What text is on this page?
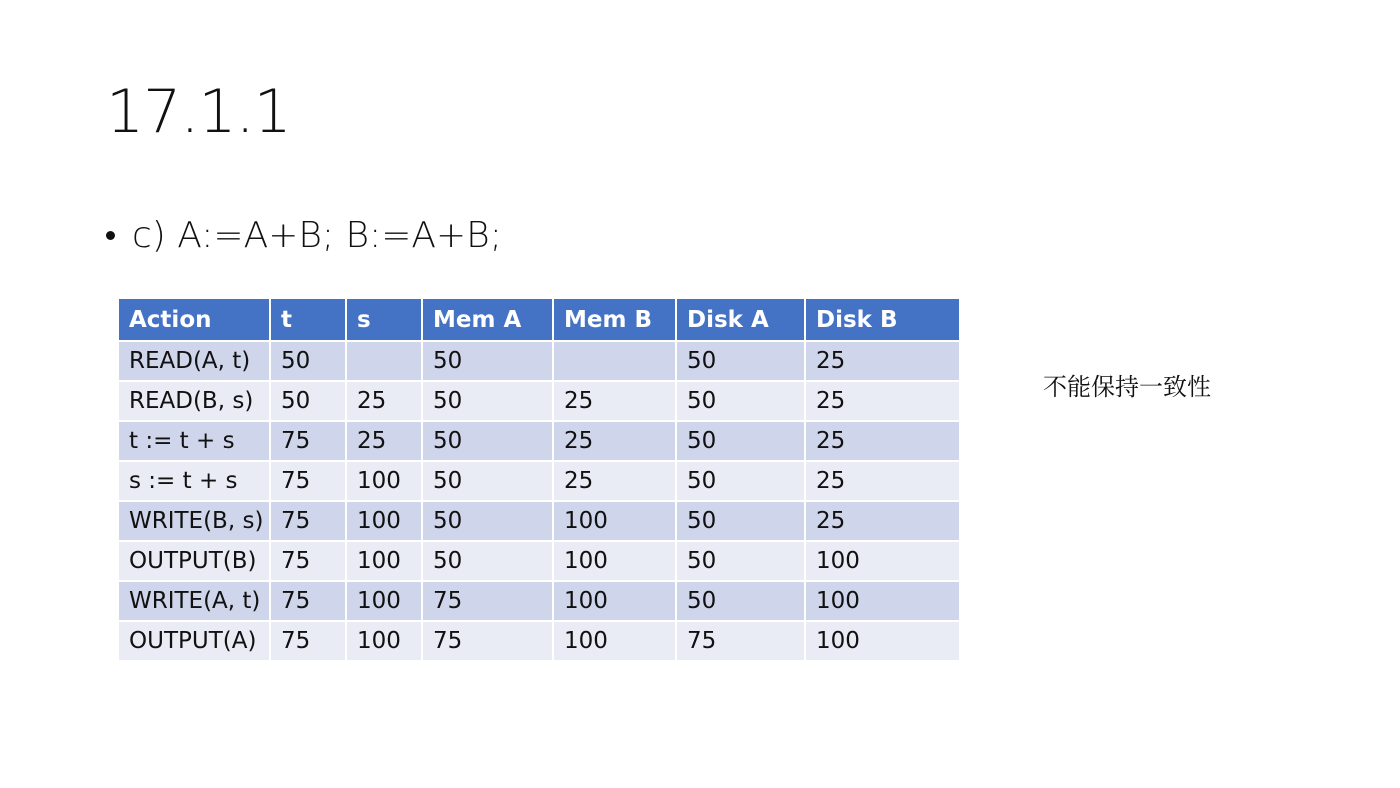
17.1.1
c) A:=A+B; B:=A+B;
Action	t	s	Mem A	Mem B	Disk A	Disk B
READ(A, t)	50		50		50	25
READ(B, s)	50	25	50	25	50	25
t := t + s	75	25	50	25	50	25
s := t + s	75	100	50	25	50	25
WRITE(B, s)	75	100	50	100	50	25
OUTPUT(B)	75	100	50	100	50	100
WRITE(A, t)	75	100	75	100	50	100
OUTPUT(A)	75	100	75	100	75	100
不能保持一致性
